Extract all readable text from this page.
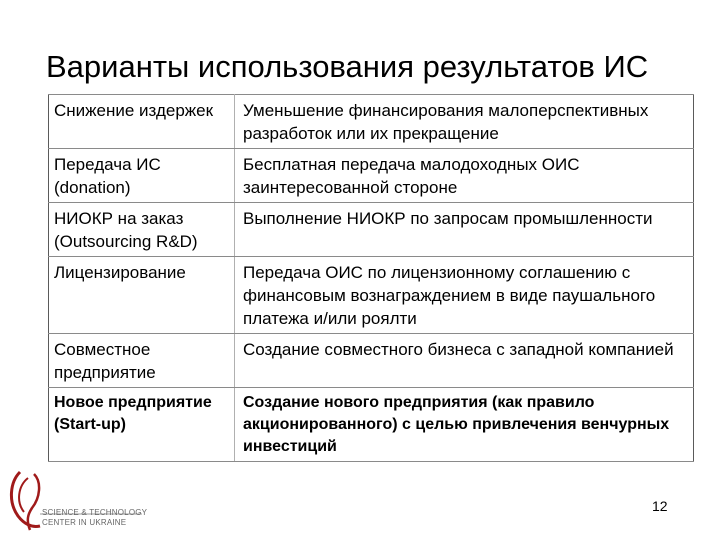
Варианты использования результатов ИС
Снижение издержек	Уменьшение финансирования малоперспективных разработок или их прекращение
Передача ИС (donation)	Бесплатная передача малодоходных ОИС заинтересованной стороне
НИОКР на заказ (Outsourcing R&D)	Выполнение НИОКР по запросам промышленности
Лицензирование	Передача ОИС по лицензионному соглашению с финансовым вознаграждением в виде паушального платежа и/или роялти
Совместное предприятие	Создание совместного бизнеса с западной компанией
Новое предприятие (Start-up)	Создание нового предприятия (как правило акционированного) с целью привлечения венчурных инвестиций
SCIENCE & TECHNOLOGY
CENTER IN UKRAINE
12
